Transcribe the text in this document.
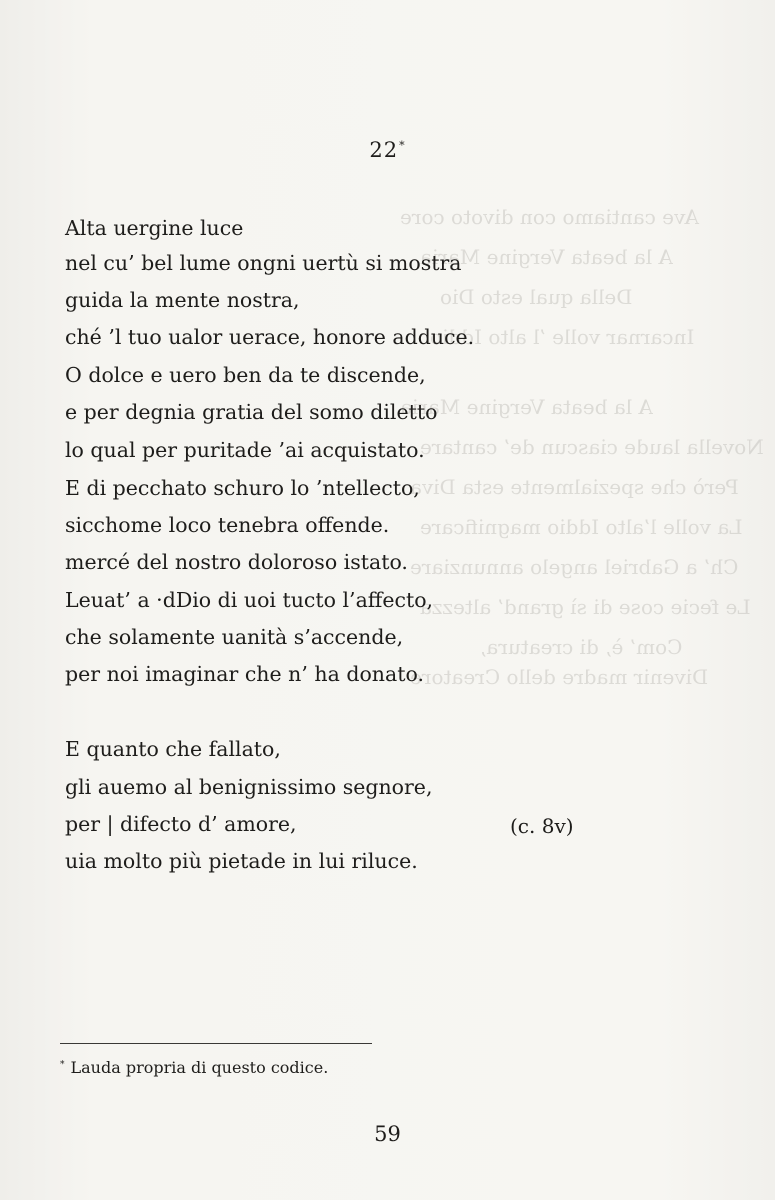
Ave cantiamo con divoto core
A la beata Vergine Maria
Della qual esto Dio
Incarnar volle ’l alto Iddio
A la beata Vergine Maria
Novella laude ciascun de’ cantare
Però che spezialmente esta Diva
La volle l’alto Iddio magnificare
Ch’ a Gabriel angelo annunziare
Le fecie cose di sì grand’ altezza
Com’ è, di creatura,
Divenir madre dello Creatore
22*
Alta uergine luce
nel cu’ bel lume ongni uertù si mostra
guida la mente nostra,
ché ’l tuo ualor uerace, honore adduce.
O dolce e uero ben da te discende,
e per degnia gratia del somo diletto
lo qual per puritade ’ai acquistato.
E di pecchato schuro lo ’ntellecto,
sicchome loco tenebra offende.
mercé del nostro doloroso istato.
Leuat’ a ·dDio di uoi tucto l’affecto,
che solamente uanità s’accende,
per noi imaginar che n’ ha donato.
E quanto che fallato,
gli auemo al benignissimo segnore,
per | difecto d’ amore,
uia molto più pietade in lui riluce.
(c. 8v)
* Lauda propria di questo codice.
59
